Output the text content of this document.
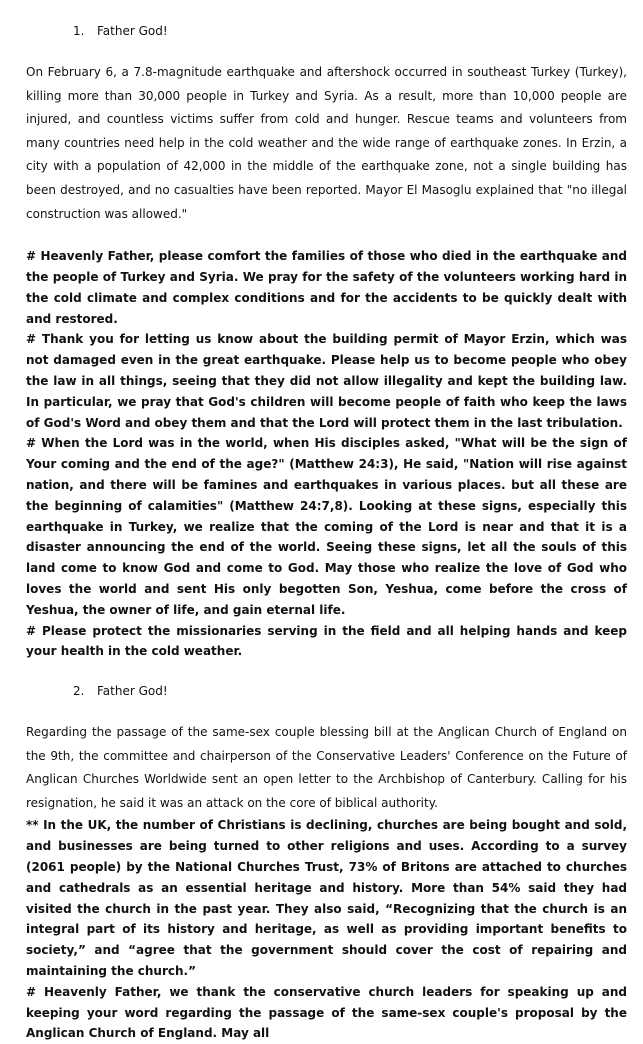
1.	Father God!

On February 6, a 7.8-magnitude earthquake and aftershock occurred in southeast Turkey (Turkey), killing more than 30,000 people in Turkey and Syria. As a result, more than 10,000 people are injured, and countless victims suffer from cold and hunger. Rescue teams and volunteers from many countries need help in the cold weather and the wide range of earthquake zones. In Erzin, a city with a population of 42,000 in the middle of the earthquake zone, not a single building has been destroyed, and no casualties have been reported. Mayor El Masoglu explained that "no illegal construction was allowed."

# Heavenly Father, please comfort the families of those who died in the earthquake and the people of Turkey and Syria. We pray for the safety of the volunteers working hard in the cold climate and complex conditions and for the accidents to be quickly dealt with and restored.

# Thank you for letting us know about the building permit of Mayor Erzin, which was not damaged even in the great earthquake. Please help us to become people who obey the law in all things, seeing that they did not allow illegality and kept the building law. In particular, we pray that God's children will become people of faith who keep the laws of God's Word and obey them and that the Lord will protect them in the last tribulation.

# When the Lord was in the world, when His disciples asked, "What will be the sign of Your coming and the end of the age?" (Matthew 24:3), He said, "Nation will rise against nation, and there will be famines and earthquakes in various places. but all these are the beginning of calamities" (Matthew 24:7,8). Looking at these signs, especially this earthquake in Turkey, we realize that the coming of the Lord is near and that it is a disaster announcing the end of the world. Seeing these signs, let all the souls of this land come to know God and come to God. May those who realize the love of God who loves the world and sent His only begotten Son, Yeshua, come before the cross of Yeshua, the owner of life, and gain eternal life.

# Please protect the missionaries serving in the field and all helping hands and keep your health in the cold weather.

2.	Father God!

Regarding the passage of the same-sex couple blessing bill at the Anglican Church of England on the 9th, the committee and chairperson of the Conservative Leaders' Conference on the Future of Anglican Churches Worldwide sent an open letter to the Archbishop of Canterbury. Calling for his resignation, he said it was an attack on the core of biblical authority.

** In the UK, the number of Christians is declining, churches are being bought and sold, and businesses are being turned to other religions and uses. According to a survey (2061 people) by the National Churches Trust, 73% of Britons are attached to churches and cathedrals as an essential heritage and history. More than 54% said they had visited the church in the past year. They also said, “Recognizing that the church is an integral part of its history and heritage, as well as providing important benefits to society,” and “agree that the government should cover the cost of repairing and maintaining the church.”

# Heavenly Father, we thank the conservative church leaders for speaking up and keeping your word regarding the passage of the same-sex couple's proposal by the Anglican Church of England. May all
